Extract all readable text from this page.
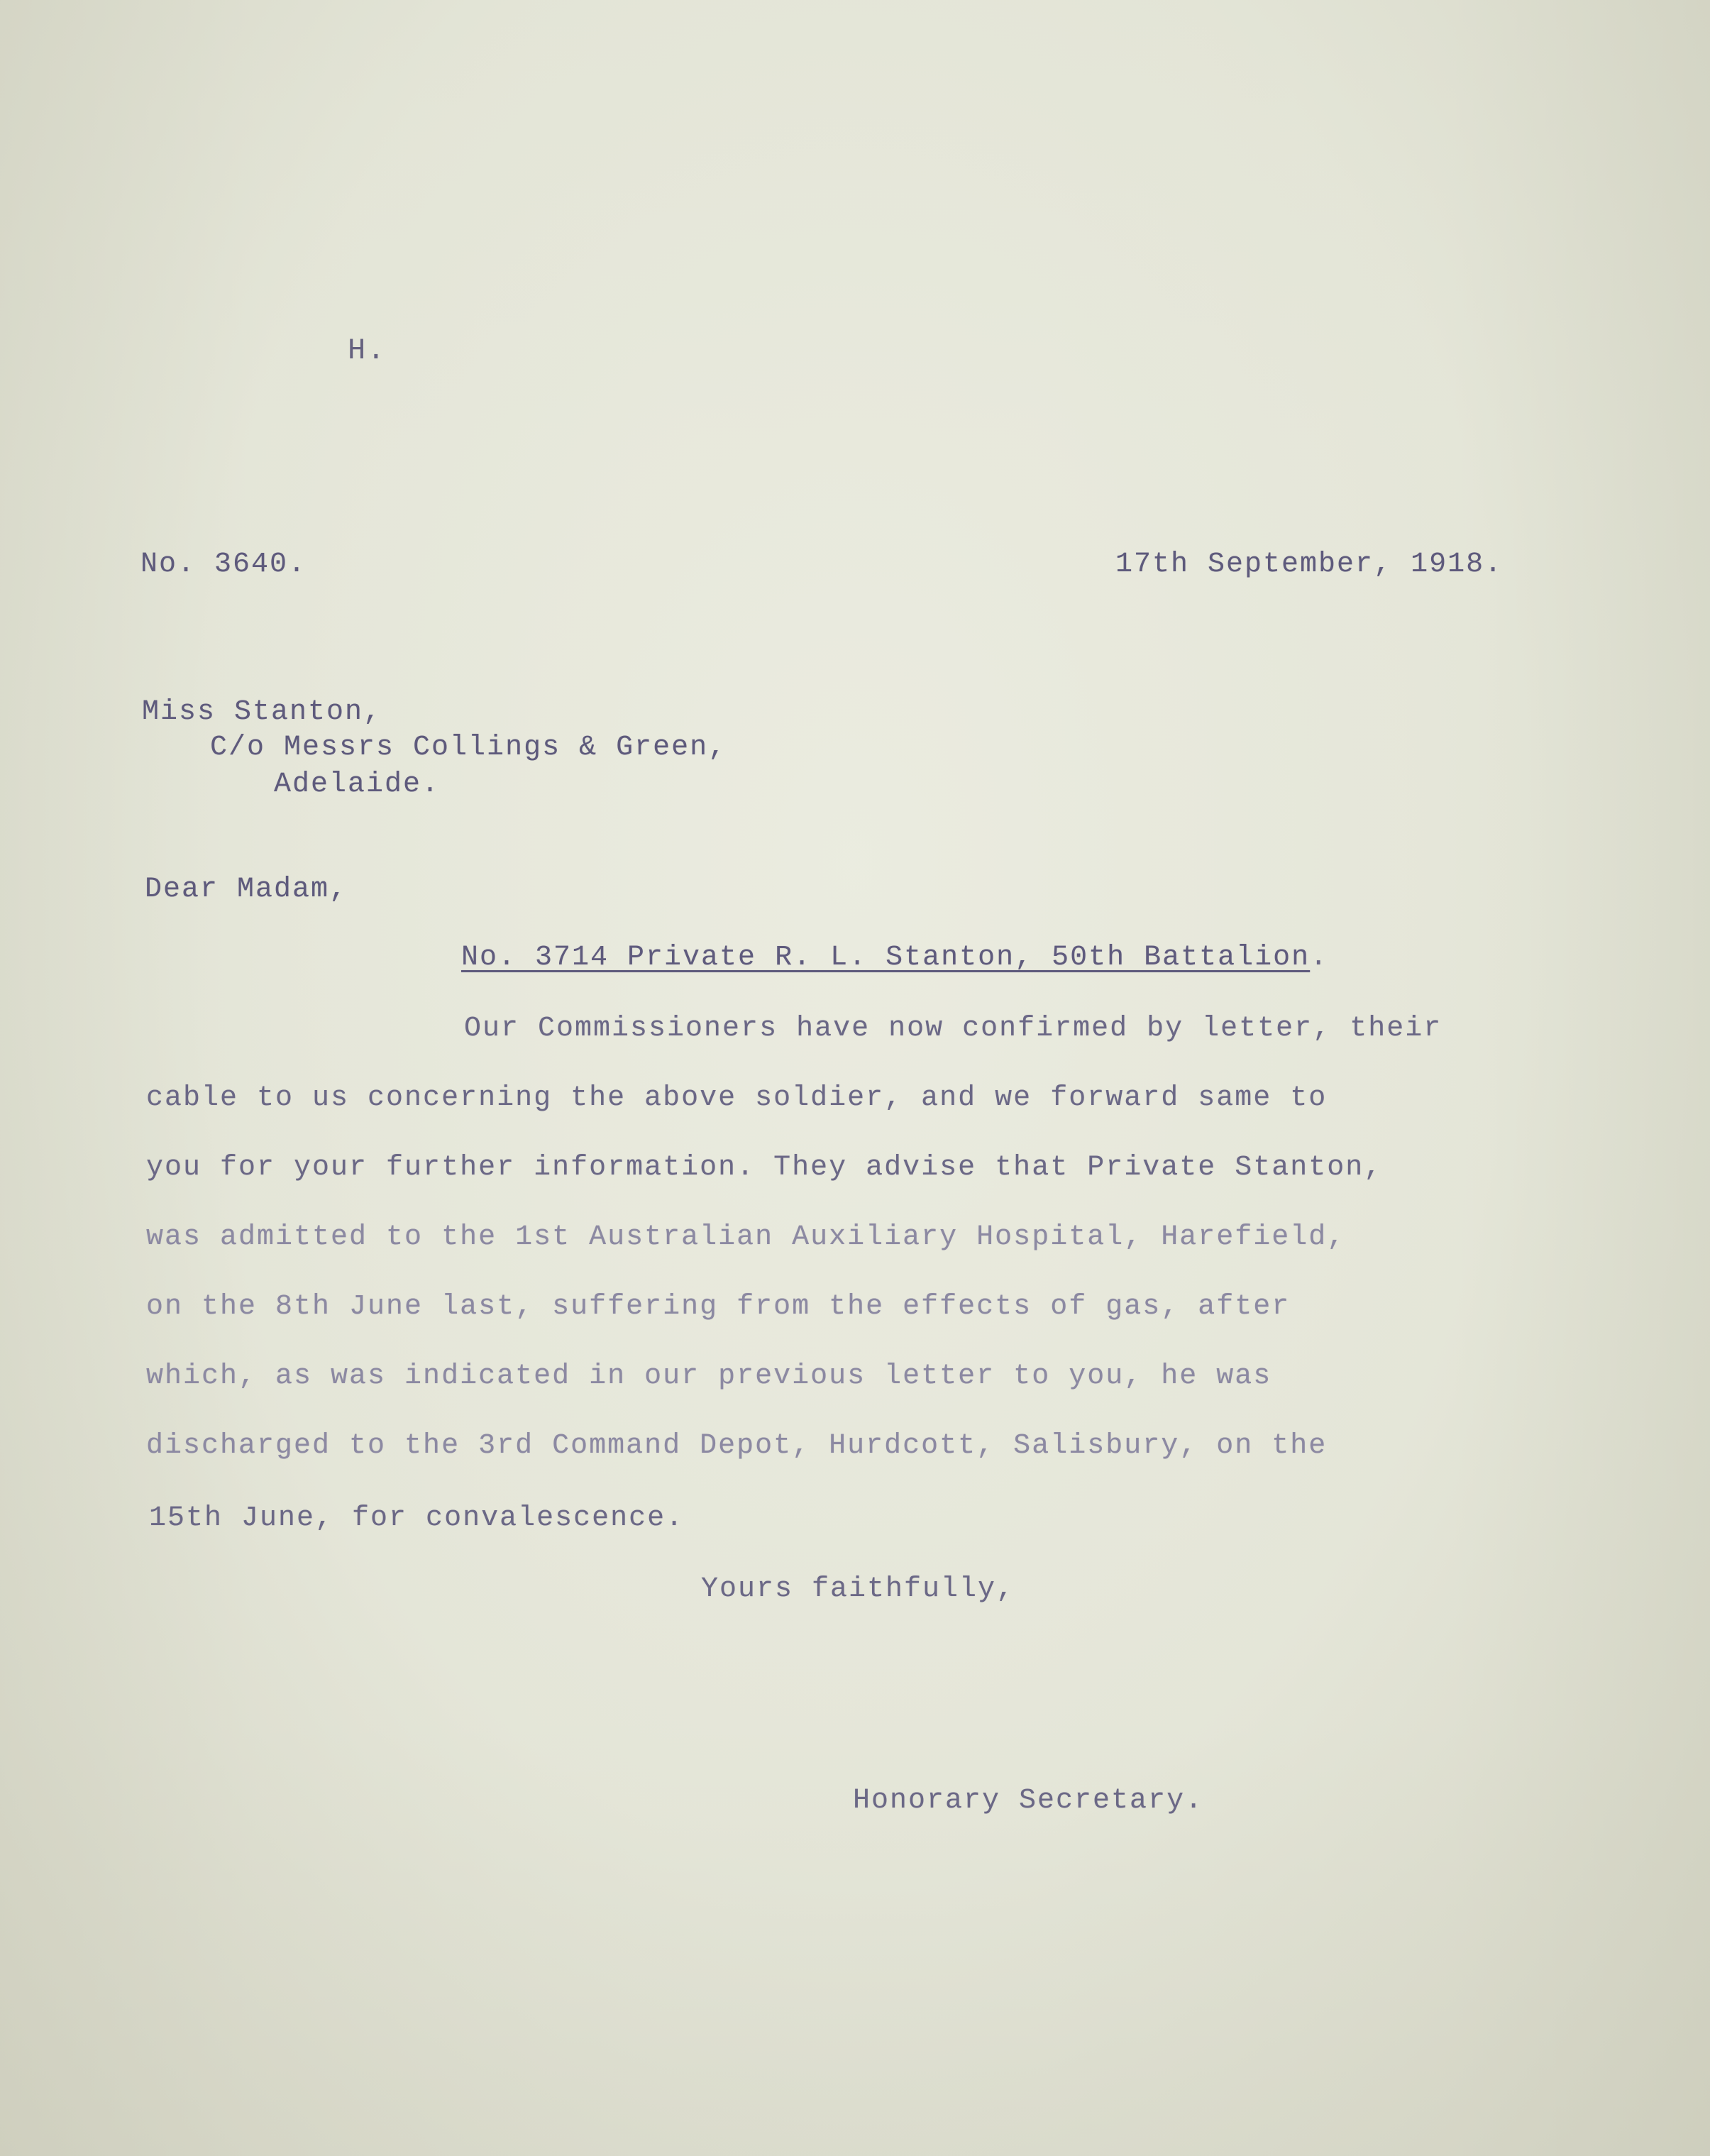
H.
No. 3640.	17th September, 1918.
Miss Stanton,
C/o Messrs Collings & Green,
Adelaide.
Dear Madam,
No. 3714 Private R. L. Stanton, 50th Battalion.
Our Commissioners have now confirmed by letter, their
cable to us concerning the above soldier, and we forward same to
you for your further information. They advise that Private Stanton,
was admitted to the 1st Australian Auxiliary Hospital, Harefield,
on the 8th June last, suffering from the effects of gas, after
which, as was indicated in our previous letter to you, he was
discharged to the 3rd Command Depot, Hurdcott, Salisbury, on the
15th June, for convalescence.
Yours faithfully,
Honorary Secretary.
